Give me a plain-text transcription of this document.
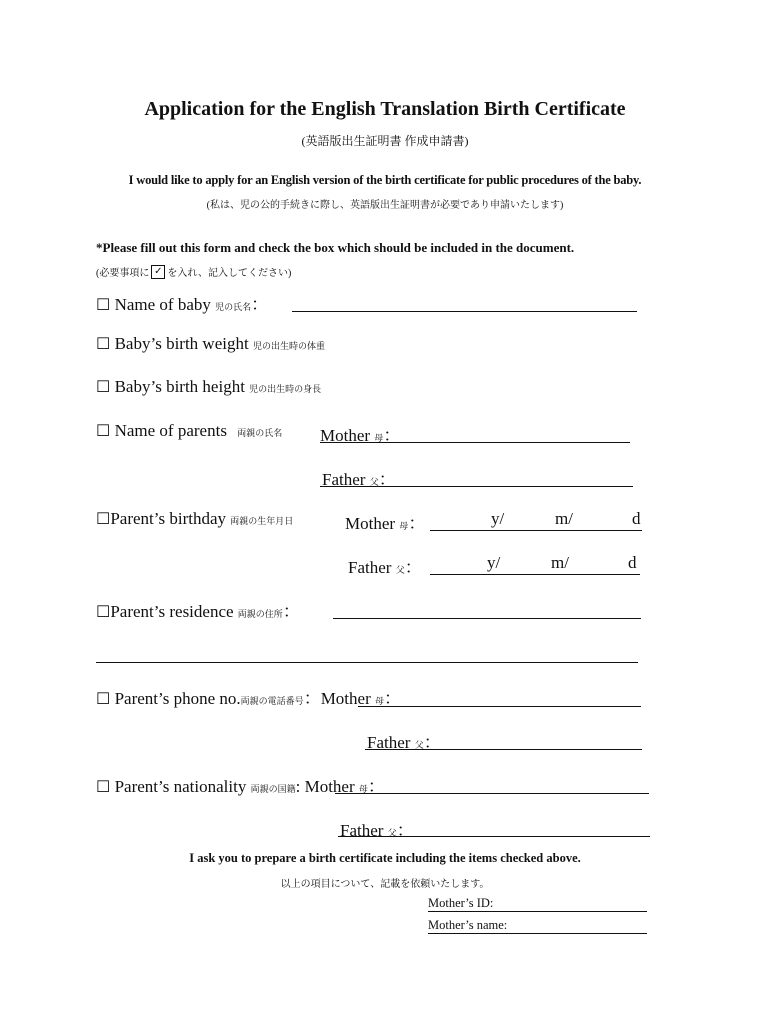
Application for the English Translation Birth Certificate
(英語版出生証明書 作成申請書)
I would like to apply for an English version of the birth certificate for public procedures of the baby.
(私は、児の公的手続きに際し、英語版出生証明書が必要であり申請いたします)
*Please fill out this form and check the box which should be included in the document.
(必要事項に ✓ を入れ、記入してください)
☐ Name of baby 児の氏名：
☐ Baby’s birth weight 児の出生時の体重
☐ Baby’s birth height 児の出生時の身長
☐ Name of parents 両親の氏名 Mother 母：
Father 父：
☐Parent’s birthday 両親の生年月日	Mother 母：	y/	m/	d
Father 父：	y/	m/	d
☐Parent’s residence 両親の住所：
☐ Parent’s phone no.両親の電話番号：Mother 母：
Father 父：
☐ Parent’s nationality 両親の国籍: Mother 母：
Father 父：
I ask you to prepare a birth certificate including the items checked above.
以上の項目について、記載を依頼いたします。
Mother’s ID:
Mother’s name:
